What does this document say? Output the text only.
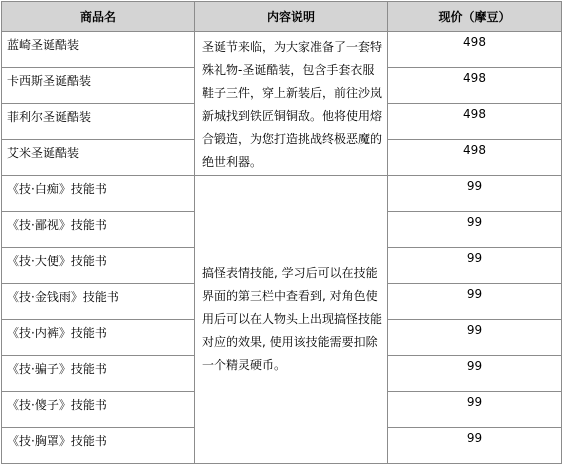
商品名	内容说明	现价（摩豆）
蓝崎圣诞酷装	圣诞节来临，为大家准备了一套特殊礼物-圣诞酷装，包含手套衣服鞋子三件，穿上新装后，前往沙岚新城找到铁匠铜铜敌。他将使用熔合锻造，为您打造挑战终极恶魔的绝世利器。	498
卡西斯圣诞酷装		498
菲利尔圣诞酷装		498
艾米圣诞酷装		498
《技·白痴》技能书	搞怪表情技能, 学习后可以在技能界面的第三栏中查看到, 对角色使用后可以在人物头上出现搞怪技能对应的效果, 使用该技能需要扣除一个精灵硬币。	99
《技·鄙视》技能书		99
《技·大便》技能书		99
《技·金钱雨》技能书		99
《技·内裤》技能书		99
《技·骗子》技能书		99
《技·傻子》技能书		99
《技·胸罩》技能书		99
